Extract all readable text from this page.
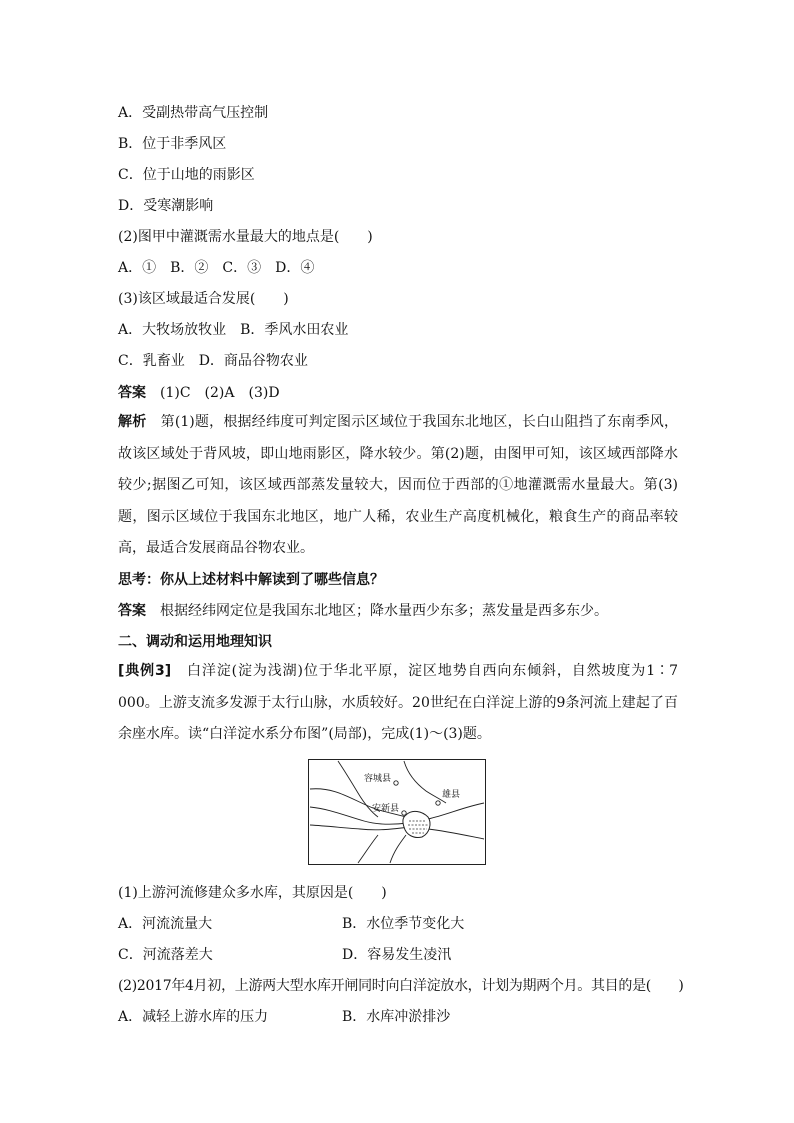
A．受副热带高气压控制
B．位于非季风区
C．位于山地的雨影区
D．受寒潮影响
(2)图甲中灌溉需水量最大的地点是(　　)
A．①　B．②　C．③　D．④
(3)该区域最适合发展(　　)
A．大牧场放牧业　B．季风水田农业
C．乳畜业　D．商品谷物农业
答案　 (1)C　(2)A　(3)D
解析　 第(1)题，根据经纬度可判定图示区域位于我国东北地区，长白山阻挡了东南季风，故该区域处于背风坡，即山地雨影区，降水较少。第(2)题，由图甲可知，该区域西部降水较少;据图乙可知，该区域西部蒸发量较大，因而位于西部的①地灌溉需水量最大。第(3)题，图示区域位于我国东北地区，地广人稀，农业生产高度机械化，粮食生产的商品率较高，最适合发展商品谷物农业。
思考：你从上述材料中解读到了哪些信息？
答案　 根据经纬网定位是我国东北地区；降水量西少东多；蒸发量是西多东少。
二、调动和运用地理知识
[典例3]　 白洋淀(淀为浅湖)位于华北平原，淀区地势自西向东倾斜，自然坡度为1∶7 000。上游支流多发源于太行山脉，水质较好。20世纪在白洋淀上游的9条河流上建起了百余座水库。读“白洋淀水系分布图”(局部)，完成(1)～(3)题。
容城县
雄县
安新县
(1)上游河流修建众多水库，其原因是(　　)
A．河流流量大	B．水位季节变化大
C．河流落差大	D．容易发生凌汛
(2)2017年4月初，上游两大型水库开闸同时向白洋淀放水，计划为期两个月。其目的是(　　)
A．减轻上游水库的压力	B．水库冲淤排沙
